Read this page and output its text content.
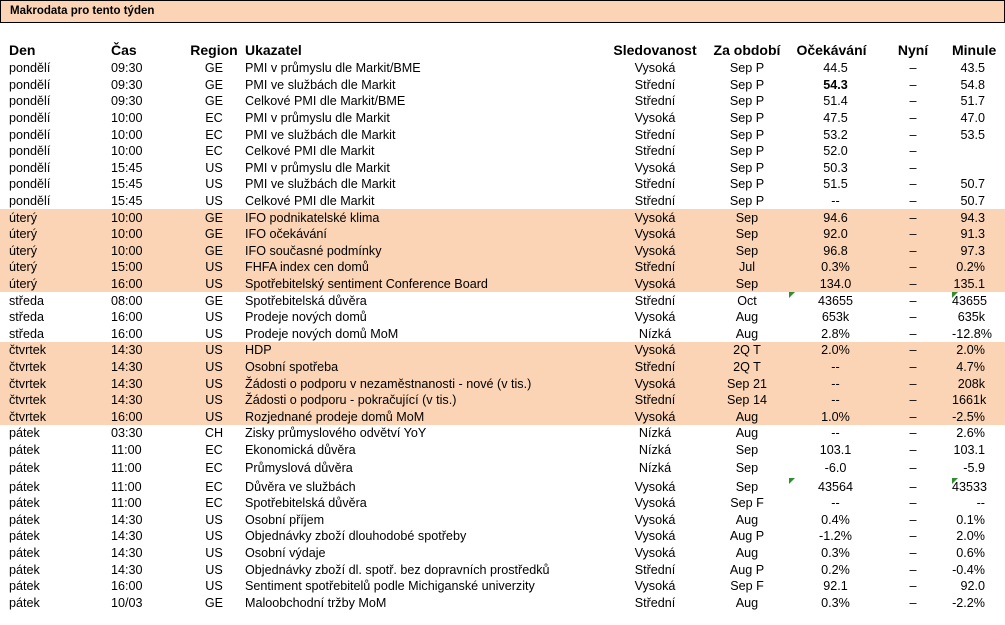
Makrodata pro tento týden
Den	Čas	Region	Ukazatel	Sledovanost	Za období	Očekávání	Nyní	Minule
pondělí	09:30	GE	PMI v průmyslu dle Markit/BME	Vysoká	Sep P	44.5	–	43.5
pondělí	09:30	GE	PMI ve službách dle Markit	Střední	Sep P	54.3	–	54.8
pondělí	09:30	GE	Celkové PMI dle Markit/BME	Střední	Sep P	51.4	–	51.7
pondělí	10:00	EC	PMI v průmyslu dle Markit	Vysoká	Sep P	47.5	–	47.0
pondělí	10:00	EC	PMI ve službách dle Markit	Střední	Sep P	53.2	–	53.5
pondělí	10:00	EC	Celkové PMI dle Markit	Střední	Sep P	52.0	–	
pondělí	15:45	US	PMI v průmyslu dle Markit	Vysoká	Sep P	50.3	–	
pondělí	15:45	US	PMI ve službách dle Markit	Střední	Sep P	51.5	–	50.7
pondělí	15:45	US	Celkové PMI dle Markit	Střední	Sep P	--	–	50.7
úterý	10:00	GE	IFO podnikatelské klima	Vysoká	Sep	94.6	–	94.3
úterý	10:00	GE	IFO očekávání	Vysoká	Sep	92.0	–	91.3
úterý	10:00	GE	IFO současné podmínky	Vysoká	Sep	96.8	–	97.3
úterý	15:00	US	FHFA index cen domů	Střední	Jul	0.3%	–	0.2%
úterý	16:00	US	Spotřebitelský sentiment Conference Board	Vysoká	Sep	134.0	–	135.1
středa	08:00	GE	Spotřebitelská důvěra	Střední	Oct	43655	–	43655
středa	16:00	US	Prodeje nových domů	Vysoká	Aug	653k	–	635k
středa	16:00	US	Prodeje nových domů MoM	Nízká	Aug	2.8%	–	-12.8%
čtvrtek	14:30	US	HDP	Vysoká	2Q T	2.0%	–	2.0%
čtvrtek	14:30	US	Osobní spotřeba	Střední	2Q T	--	–	4.7%
čtvrtek	14:30	US	Žádosti o podporu v nezaměstnanosti - nové (v tis.)	Vysoká	Sep 21	--	–	208k
čtvrtek	14:30	US	Žádosti o podporu - pokračující (v tis.)	Střední	Sep 14	--	–	1661k
čtvrtek	16:00	US	Rozjednané prodeje domů MoM	Vysoká	Aug	1.0%	–	-2.5%
pátek	03:30	CH	Zisky průmyslového odvětví YoY	Nízká	Aug	--	–	2.6%
pátek	11:00	EC	Ekonomická důvěra	Nízká	Sep	103.1	–	103.1
pátek	11:00	EC	Průmyslová důvěra	Nízká	Sep	-6.0	–	-5.9
pátek	11:00	EC	Důvěra ve službách	Vysoká	Sep	43564	–	43533
pátek	11:00	EC	Spotřebitelská důvěra	Vysoká	Sep F	--	–	--
pátek	14:30	US	Osobní příjem	Vysoká	Aug	0.4%	–	0.1%
pátek	14:30	US	Objednávky zboží dlouhodobé spotřeby	Vysoká	Aug P	-1.2%	–	2.0%
pátek	14:30	US	Osobní výdaje	Vysoká	Aug	0.3%	–	0.6%
pátek	14:30	US	Objednávky zboží dl. spotř. bez dopravních prostředků	Střední	Aug P	0.2%	–	-0.4%
pátek	16:00	US	Sentiment spotřebitelů podle Michiganské univerzity	Vysoká	Sep F	92.1	–	92.0
pátek	10/03	GE	Maloobchodní tržby MoM	Střední	Aug	0.3%	–	-2.2%
